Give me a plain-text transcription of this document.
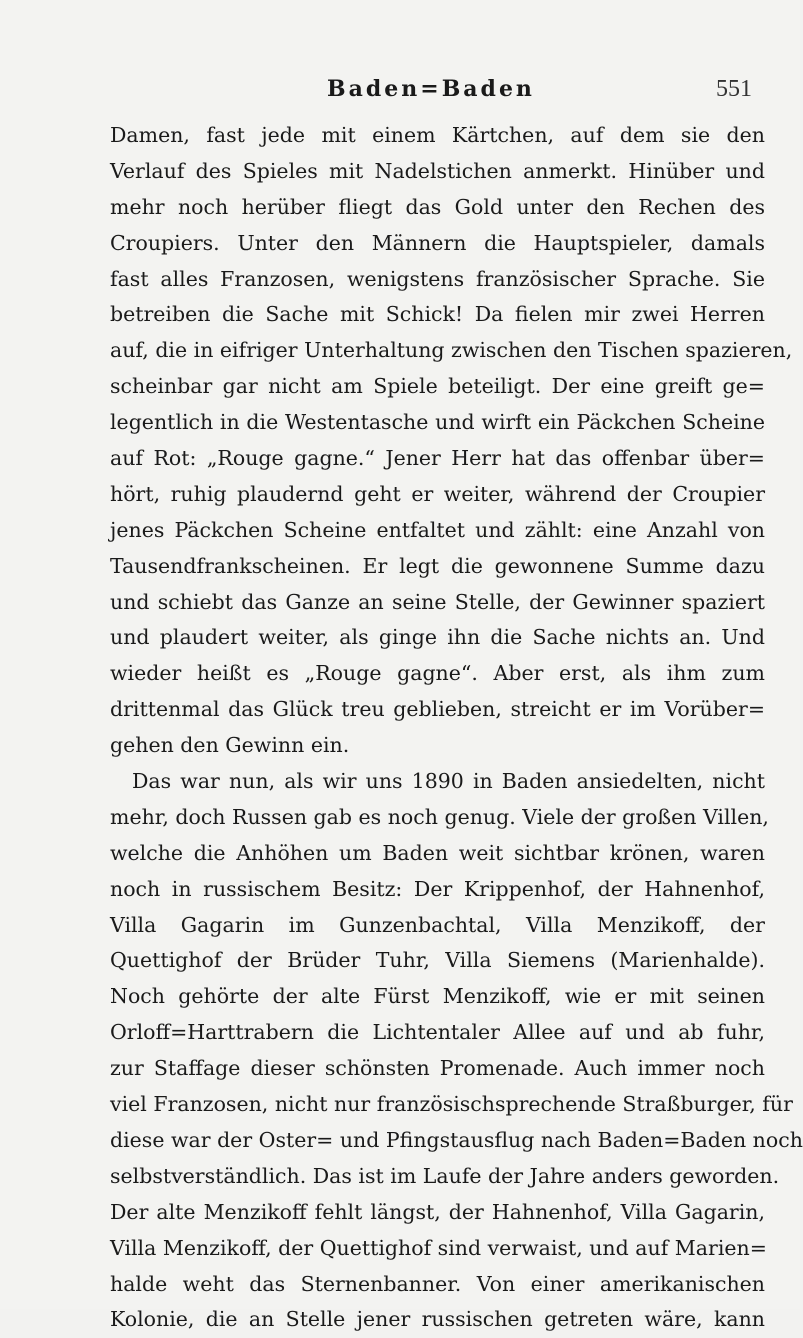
Baden=Baden	551
Damen, fast jede mit einem Kärtchen, auf dem sie den
Verlauf des Spieles mit Nadelstichen anmerkt. Hinüber und
mehr noch herüber fliegt das Gold unter den Rechen des
Croupiers. Unter den Männern die Hauptspieler, damals
fast alles Franzosen, wenigstens französischer Sprache. Sie
betreiben die Sache mit Schick! Da fielen mir zwei Herren
auf, die in eifriger Unterhaltung zwischen den Tischen spazieren,
scheinbar gar nicht am Spiele beteiligt. Der eine greift ge=
legentlich in die Westentasche und wirft ein Päckchen Scheine
auf Rot: „Rouge gagne.“ Jener Herr hat das offenbar über=
hört, ruhig plaudernd geht er weiter, während der Croupier
jenes Päckchen Scheine entfaltet und zählt: eine Anzahl von
Tausendfrankscheinen. Er legt die gewonnene Summe dazu
und schiebt das Ganze an seine Stelle, der Gewinner spaziert
und plaudert weiter, als ginge ihn die Sache nichts an. Und
wieder heißt es „Rouge gagne“. Aber erst, als ihm zum
drittenmal das Glück treu geblieben, streicht er im Vorüber=
gehen den Gewinn ein.
Das war nun, als wir uns 1890 in Baden ansiedelten, nicht
mehr, doch Russen gab es noch genug. Viele der großen Villen,
welche die Anhöhen um Baden weit sichtbar krönen, waren
noch in russischem Besitz: Der Krippenhof, der Hahnenhof,
Villa Gagarin im Gunzenbachtal, Villa Menzikoff, der
Quettighof der Brüder Tuhr, Villa Siemens (Marienhalde).
Noch gehörte der alte Fürst Menzikoff, wie er mit seinen
Orloff=Harttrabern die Lichtentaler Allee auf und ab fuhr,
zur Staffage dieser schönsten Promenade. Auch immer noch
viel Franzosen, nicht nur französischsprechende Straßburger, für
diese war der Oster= und Pfingstausflug nach Baden=Baden noch
selbstverständlich. Das ist im Laufe der Jahre anders geworden.
Der alte Menzikoff fehlt längst, der Hahnenhof, Villa Gagarin,
Villa Menzikoff, der Quettighof sind verwaist, und auf Marien=
halde weht das Sternenbanner. Von einer amerikanischen
Kolonie, die an Stelle jener russischen getreten wäre, kann
